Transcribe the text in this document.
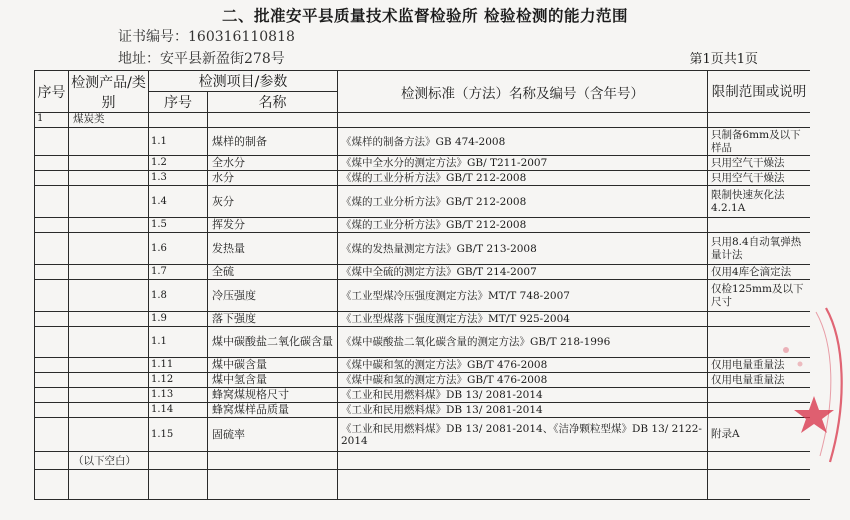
二、批准安平县质量技术监督检验所 检验检测的能力范围
证书编号：160316110818
地址：安平县新盈街278号	第1页共1页
序号	检测产品/类别	检测项目/参数		检测标准（方法）名称及编号（含年号）	限制范围或说明
		序号	名称		
1	煤炭类				
		1.1	煤样的制备	《煤样的制备方法》GB 474-2008	只制备6mm及以下样品
		1.2	全水分	《煤中全水分的测定方法》GB/ T211-2007	只用空气干燥法
		1.3	水分	《煤的工业分析方法》GB/T 212-2008	只用空气干燥法
		1.4	灰分	《煤的工业分析方法》GB/T 212-2008	限制快速灰化法4.2.1A
		1.5	挥发分	《煤的工业分析方法》GB/T 212-2008	
		1.6	发热量	《煤的发热量测定方法》GB/T 213-2008	只用8.4自动氧弹热量计法
		1.7	全硫	《煤中全硫的测定方法》GB/T 214-2007	仅用4库仑滴定法
		1.8	冷压强度	《工业型煤冷压强度测定方法》MT/T 748-2007	仅检125mm及以下尺寸
		1.9	落下强度	《工业型煤落下强度测定方法》MT/T 925-2004	
		1.1	煤中碳酸盐二氧化碳含量	《煤中碳酸盐二氧化碳含量的测定方法》GB/T 218-1996	
		1.11	煤中碳含量	《煤中碳和氢的测定方法》GB/T 476-2008	仅用电量重量法
		1.12	煤中氢含量	《煤中碳和氢的测定方法》GB/T 476-2008	仅用电量重量法
		1.13	蜂窝煤规格尺寸	《工业和民用燃料煤》DB 13/ 2081-2014	
		1.14	蜂窝煤样品质量	《工业和民用燃料煤》DB 13/ 2081-2014	
		1.15	固硫率	《工业和民用燃料煤》DB 13/ 2081-2014、《洁净颗粒型煤》DB 13/ 2122-2014	附录A
	（以下空白）				
